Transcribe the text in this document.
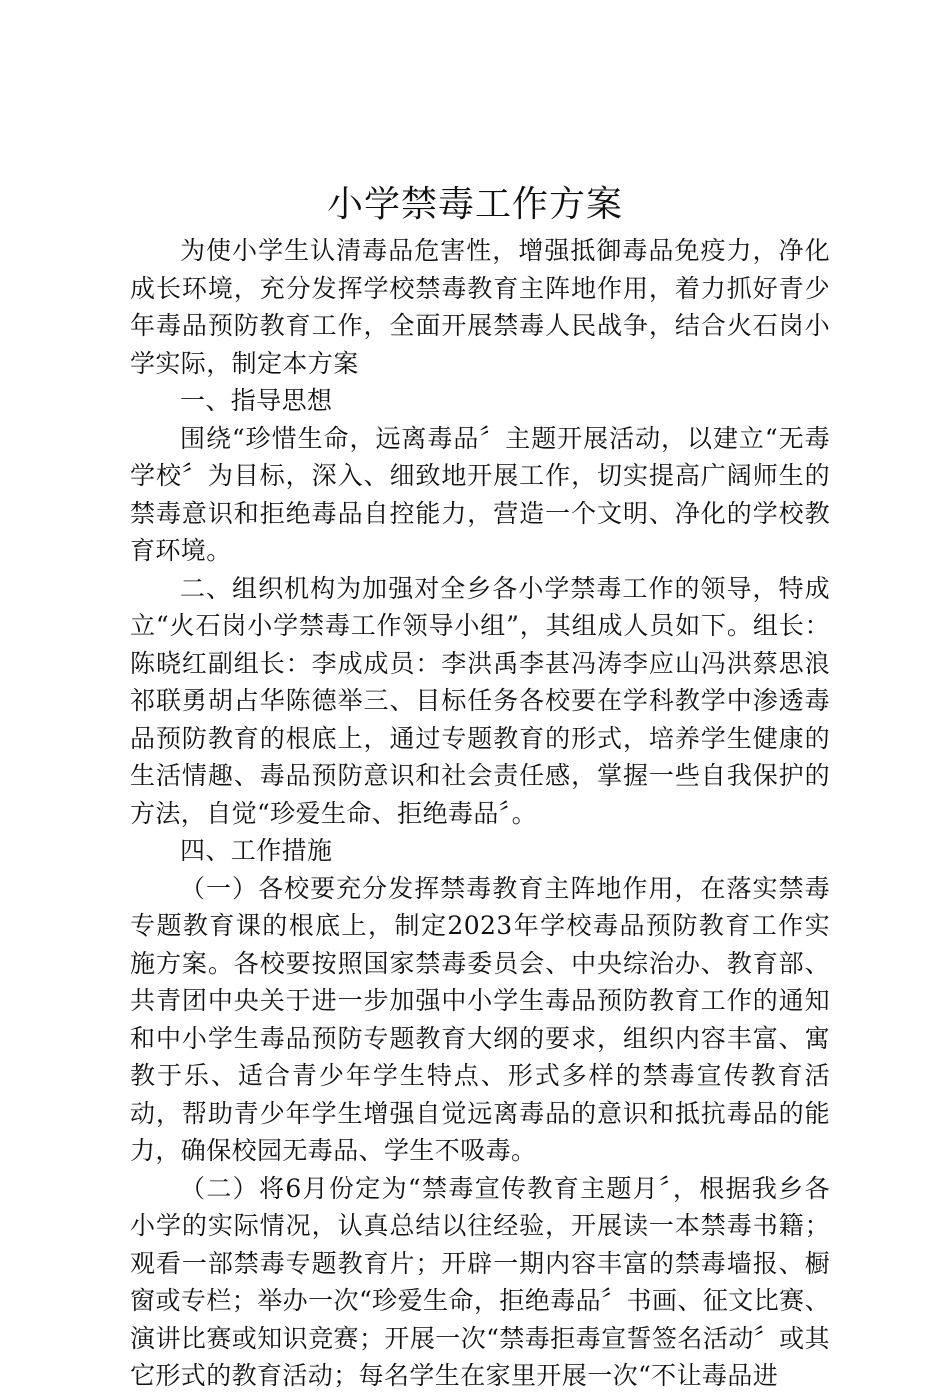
小学禁毒工作方案

为使小学生认清毒品危害性，增强抵御毒品免疫力，净化成长环境，充分发挥学校禁毒教育主阵地作用，着力抓好青少年毒品预防教育工作，全面开展禁毒人民战争，结合火石岗小学实际，制定本方案

一、指导思想

围绕“珍惜生命，远离毒品〞主题开展活动，以建立“无毒学校〞为目标，深入、细致地开展工作，切实提高广阔师生的禁毒意识和拒绝毒品自控能力，营造一个文明、净化的学校教育环境。

二、组织机构为加强对全乡各小学禁毒工作的领导，特成立“火石岗小学禁毒工作领导小组”，其组成人员如下。组长：陈晓红副组长：李成成员：李洪禹李甚冯涛李应山冯洪蔡思浪祁联勇胡占华陈德举三、目标任务各校要在学科教学中渗透毒品预防教育的根底上，通过专题教育的形式，培养学生健康的生活情趣、毒品预防意识和社会责任感，掌握一些自我保护的方法，自觉“珍爱生命、拒绝毒品〞。

四、工作措施

（一）各校要充分发挥禁毒教育主阵地作用，在落实禁毒专题教育课的根底上，制定2023年学校毒品预防教育工作实施方案。各校要按照国家禁毒委员会、中央综治办、教育部、共青团中央关于进一步加强中小学生毒品预防教育工作的通知和中小学生毒品预防专题教育大纲的要求，组织内容丰富、寓教于乐、适合青少年学生特点、形式多样的禁毒宣传教育活动，帮助青少年学生增强自觉远离毒品的意识和抵抗毒品的能力，确保校园无毒品、学生不吸毒。

（二）将6月份定为“禁毒宣传教育主题月〞，根据我乡各小学的实际情况，认真总结以往经验，开展读一本禁毒书籍；观看一部禁毒专题教育片；开辟一期内容丰富的禁毒墙报、橱窗或专栏；举办一次“珍爱生命，拒绝毒品〞书画、征文比赛、演讲比赛或知识竞赛；开展一次“禁毒拒毒宣誓签名活动〞或其它形式的教育活动；每名学生在家里开展一次“不让毒品进
